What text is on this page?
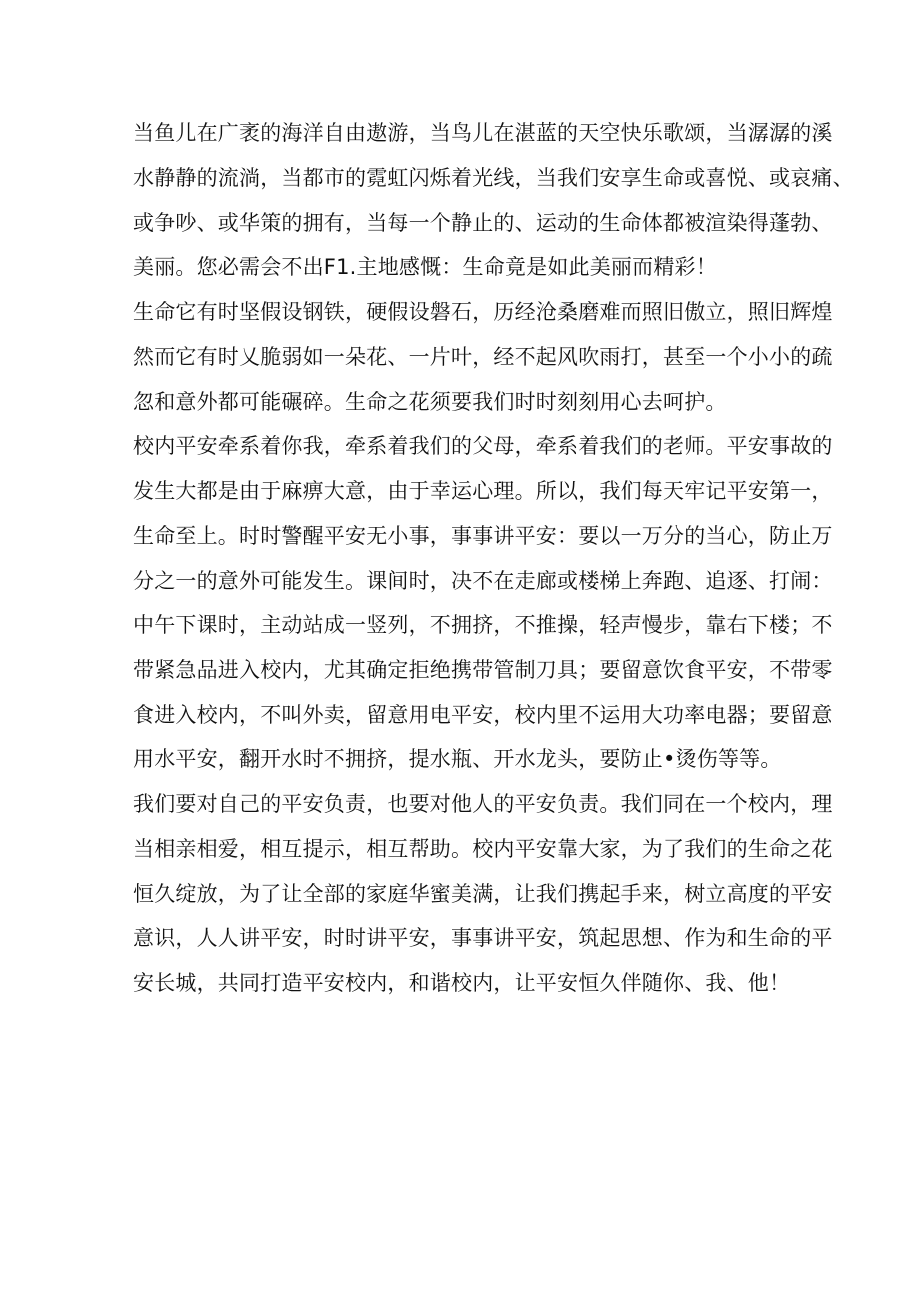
当鱼儿在广袤的海洋自由遨游，当鸟儿在湛蓝的天空快乐歌颂，当潺潺的溪
水静静的流淌，当都市的霓虹闪烁着光线，当我们安享生命或喜悦、或哀痛、
或争吵、或华策的拥有，当每一个静止的、运动的生命体都被渲染得蓬勃、
美丽。您必需会不出F1.主地感慨：生命竟是如此美丽而精彩！
生命它有时坚假设钢铁，硬假设磐石，历经沧桑磨难而照旧傲立，照旧辉煌
然而它有时乂脆弱如一朵花、一片叶，经不起风吹雨打，甚至一个小小的疏
忽和意外都可能碾碎。生命之花须要我们时时刻刻用心去呵护。
校内平安牵系着你我，牵系着我们的父母，牵系着我们的老师。平安事故的
发生大都是由于麻痹大意，由于幸运心理。所以，我们每天牢记平安第一，
生命至上。时时警醒平安无小事，事事讲平安：要以一万分的当心，防止万
分之一的意外可能发生。课间时，决不在走廊或楼梯上奔跑、追逐、打闹：
中午下课时，主动站成一竖列，不拥挤，不推操，轻声慢步，靠右下楼；不
带紧急品进入校内，尤其确定拒绝携带管制刀具；要留意饮食平安，不带零
食进入校内，不叫外卖，留意用电平安，校内里不运用大功率电器；要留意
用水平安，翻开水时不拥挤，提水瓶、开水龙头，要防止•烫伤等等。
我们要对自己的平安负责，也要对他人的平安负责。我们同在一个校内，理
当相亲相爱，相互提示，相互帮助。校内平安靠大家，为了我们的生命之花
恒久绽放，为了让全部的家庭华蜜美满，让我们携起手来，树立高度的平安
意识，人人讲平安，时时讲平安，事事讲平安，筑起思想、作为和生命的平
安长城，共同打造平安校内，和谐校内，让平安恒久伴随你、我、他！
